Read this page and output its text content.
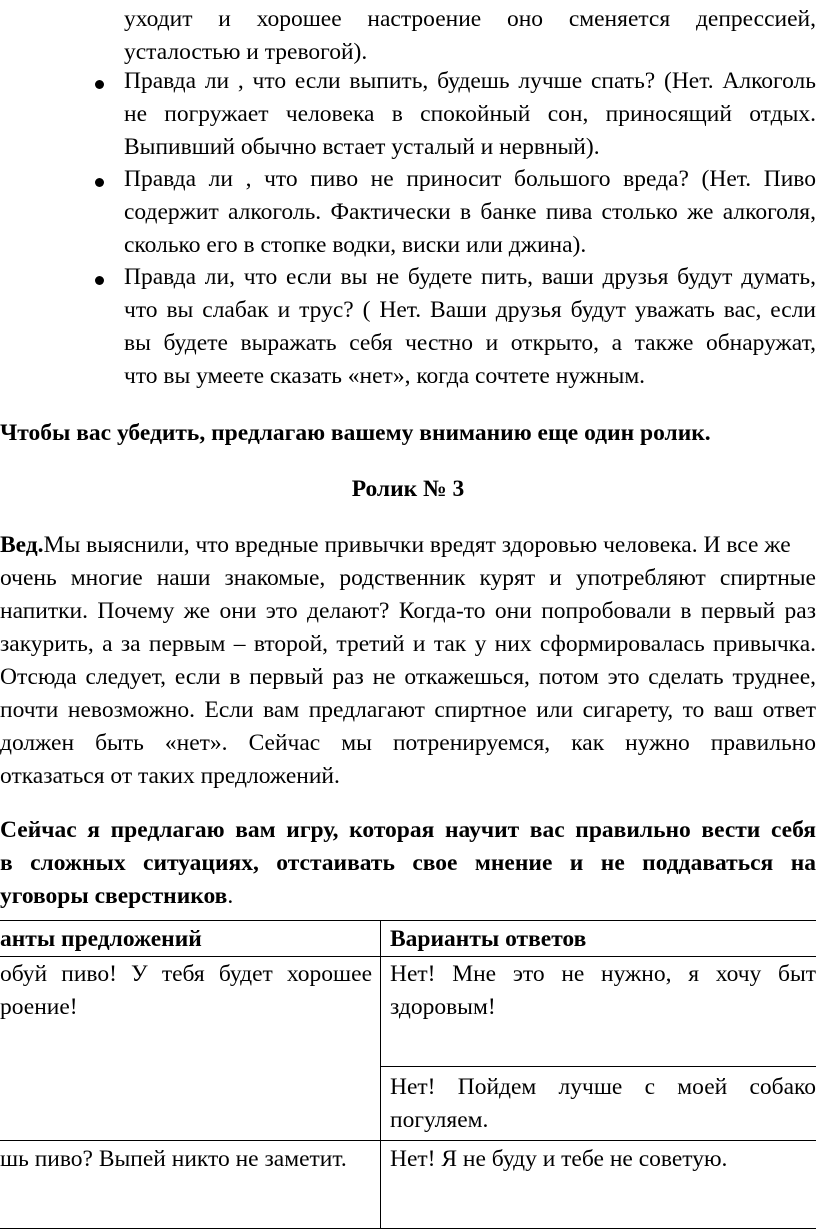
уходит и хорошее настроение оно сменяется депрессией,
усталостью и тревогой).
Правда ли , что если выпить, будешь лучше спать? (Нет. Алкоголь
не погружает человека в спокойный сон, приносящий отдых.
Выпивший обычно встает усталый и нервный).
Правда ли , что пиво не приносит большого вреда? (Нет. Пиво
содержит алкоголь. Фактически в банке пива столько же алкоголя,
сколько его в стопке водки, виски или джина).
Правда ли, что если вы не будете пить, ваши друзья будут думать,
что вы слабак и трус? ( Нет. Ваши друзья будут уважать вас, если
вы будете выражать себя честно и открыто, а также обнаружат,
что вы умеете сказать «нет», когда сочтете нужным.
Чтобы вас убедить, предлагаю вашему вниманию еще один ролик.
Ролик № 3
Вед.Мы выяснили, что вредные привычки вредят здоровью человека. И все же
очень многие наши знакомые, родственник курят и употребляют спиртные
напитки. Почему же они это делают? Когда-то они попробовали в первый раз
закурить, а за первым – второй, третий и так у них сформировалась привычка.
Отсюда следует, если в первый раз не откажешься, потом это сделать труднее,
почти невозможно. Если вам предлагают спиртное или сигарету, то ваш ответ
должен быть «нет». Сейчас мы потренируемся, как нужно правильно
отказаться от таких предложений.
Сейчас я предлагаю вам игру, которая научит вас правильно вести себя
в сложных ситуациях, отстаивать свое мнение и не поддаваться на
уговоры сверстников.
анты предложений	Варианты ответов
обуй пиво! У тебя будет хорошее
роение!
Нет! Мне это не нужно, я хочу быт
здоровым!
Нет! Пойдем лучше с моей собако
погуляем.
шь пиво? Выпей никто не заметит. Нет! Я не буду и тебе не советую.
